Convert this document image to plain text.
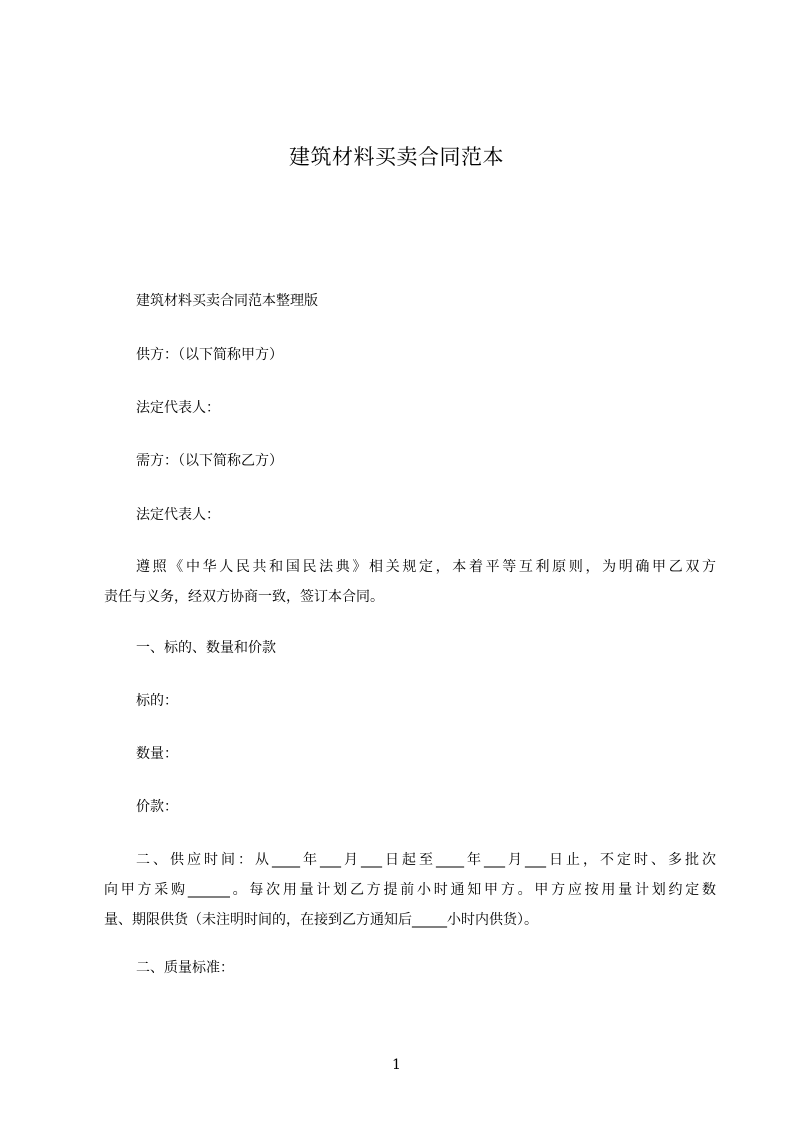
建筑材料买卖合同范本
建筑材料买卖合同范本整理版
供方：（以下简称甲方）
法定代表人：
需方：（以下简称乙方）
法定代表人：
遵照《中华人民共和国民法典》相关规定，本着平等互利原则，为明确甲乙双方
责任与义务，经双方协商一致，签订本合同。
一、标的、数量和价款
标的：
数量：
价款：
二、供应时间：从____年___月___日起至____年___月___日止，不定时、多批次
向甲方采购______。每次用量计划乙方提前小时通知甲方。甲方应按用量计划约定数
量、期限供货（未注明时间的，在接到乙方通知后_____小时内供货）。
二、质量标准：
1
